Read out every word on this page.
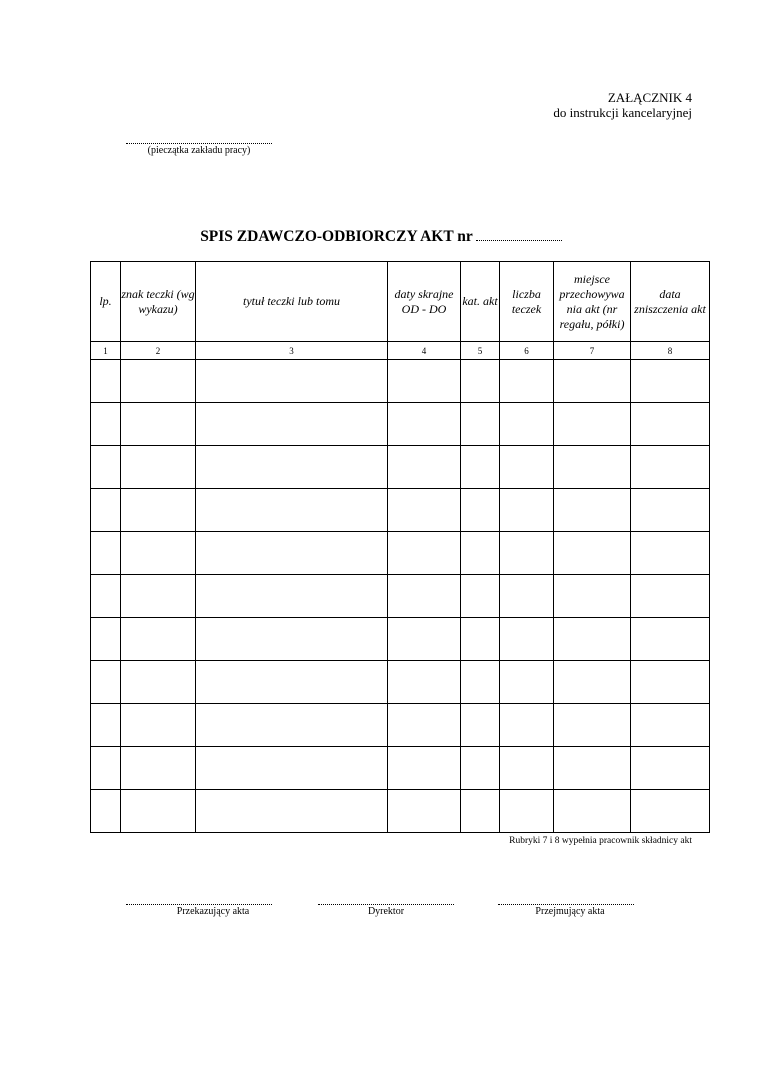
ZAŁĄCZNIK 4
do instrukcji kancelaryjnej
(pieczątka zakładu pracy)
SPIS ZDAWCZO-ODBIORCZY AKT nr
lp.	znak teczki (wg wykazu)	tytuł teczki lub tomu	daty skrajne OD - DO	kat. akt	liczba teczek	miejsce przechowywa nia akt (nr regału, półki)	data zniszczenia akt
1	2	3	4	5	6	7	8

Rubryki 7 i 8 wypełnia pracownik składnicy akt
Przekazujący akta	Dyrektor	Przejmujący akta
